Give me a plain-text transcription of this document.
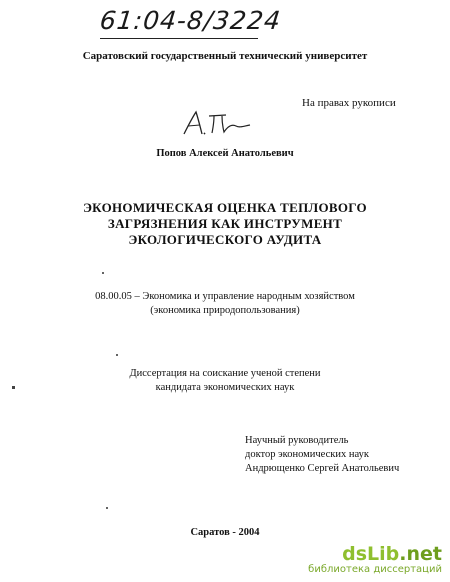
61:04-8/3224
Саратовский государственный технический университет
На правах рукописи
Попов Алексей Анатольевич
ЭКОНОМИЧЕСКАЯ ОЦЕНКА ТЕПЛОВОГО
ЗАГРЯЗНЕНИЯ КАК ИНСТРУМЕНТ
ЭКОЛОГИЧЕСКОГО АУДИТА
08.00.05 – Экономика и управление народным хозяйством
(экономика природопользования)
Диссертация на соискание ученой степени
кандидата экономических наук
Научный руководитель
доктор экономических наук
Андрющенко Сергей Анатольевич
Саратов - 2004
dsLib.net
библиотека диссертаций
